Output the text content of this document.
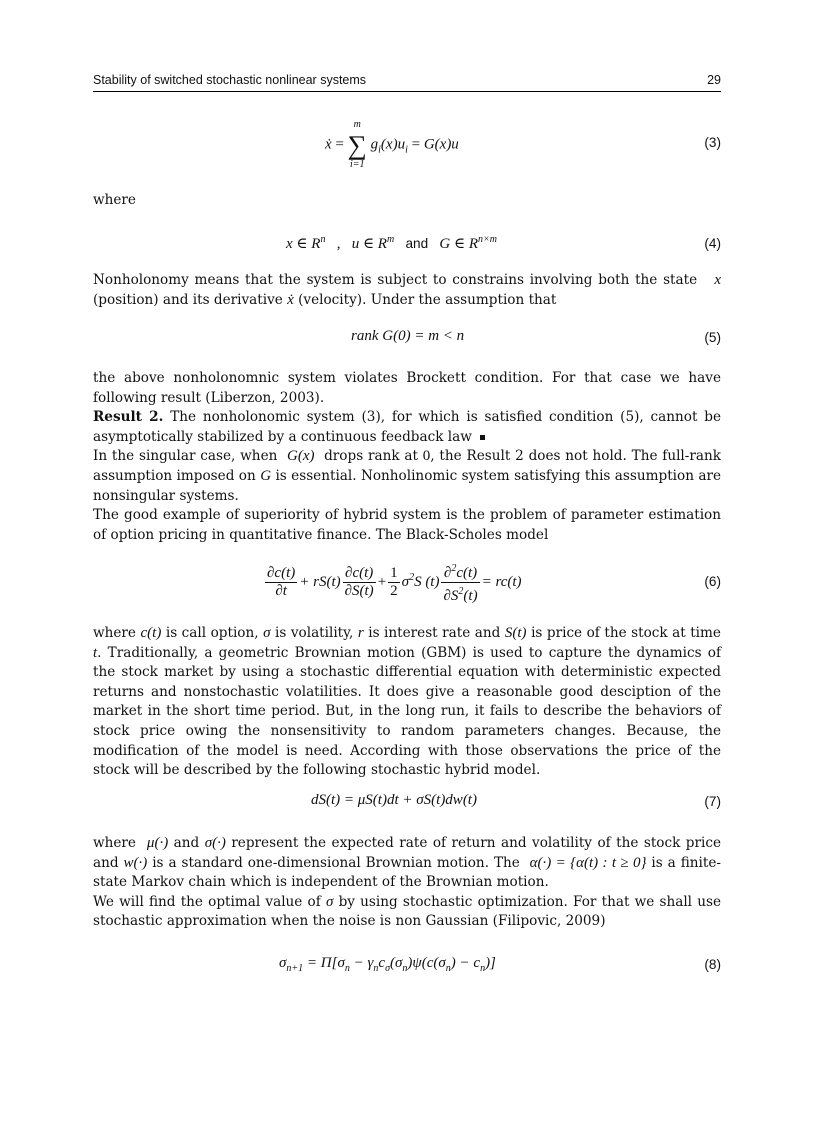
Stability of switched stochastic nonlinear systems	29
ẋ =
m
∑
i=1
$g_i(x)u_i = G(x)u$	(3)
where
x ∈ $R^n$ , u ∈ $R^m$ and G ∈ $R^{n\times m}$	(4)
Nonholonomy means that the system is subject to constrains involving both the state x (position) and its derivative ẋ (velocity). Under the assumption that
rank G(0) = m < n	(5)
the above nonholonomnic system violates Brockett condition. For that case we have following result (Liberzon, 2003).
Result 2. The nonholonomic system (3), for which is satisfied condition (5), cannot be asymptotically stabilized by a continuous feedback law
In the singular case, when G(x) drops rank at 0, the Result 2 does not hold. The full-rank assumption imposed on G is essential. Nonholinomic system satisfying this assumption are nonsingular systems.
The good example of superiority of hybrid system is the problem of parameter estimation of option pricing in quantitative finance. The Black-Scholes model
$\frac{\partial c(t)}{\partial t} + rS(t) \frac{\partial c(t)}{\partial S(t)} + \frac{1}{2} \sigma^2S$ $(t) \frac{\partial^2c(t)}{\partial S^2(t)} = rc(t)$	(6)
where c(t) is call option, σ is volatility, r is interest rate and S(t) is price of the stock at time t. Traditionally, a geometric Brownian motion (GBM) is used to capture the dynamics of the stock market by using a stochastic differential equation with deterministic expected returns and nonstochastic volatilities. It does give a reasonable good desciption of the market in the short time period. But, in the long run, it fails to describe the behaviors of stock price owing the nonsensitivity to random parameters changes. Because, the modification of the model is need. According with those observations the price of the stock will be described by the following stochastic hybrid model.
dS(t) = μS(t)dt + σS(t)dw(t)	(7)
where μ(·) and σ(·) represent the expected rate of return and volatility of the stock price and w(·) is a standard one-dimensional Brownian motion. The α(·) = {α(t) : t ≥ 0} is a finite-state Markov chain which is independent of the Brownian motion.
We will find the optimal value of σ by using stochastic optimization. For that we shall use stochastic approximation when the noise is non Gaussian (Filipovic, 2009)
$\sigma_{n+1} = \Pi[\sigma_n - \gamma_nc_\sigma(\sigma_n)\psi(c(\sigma_n) - c_n)]$	(8)
